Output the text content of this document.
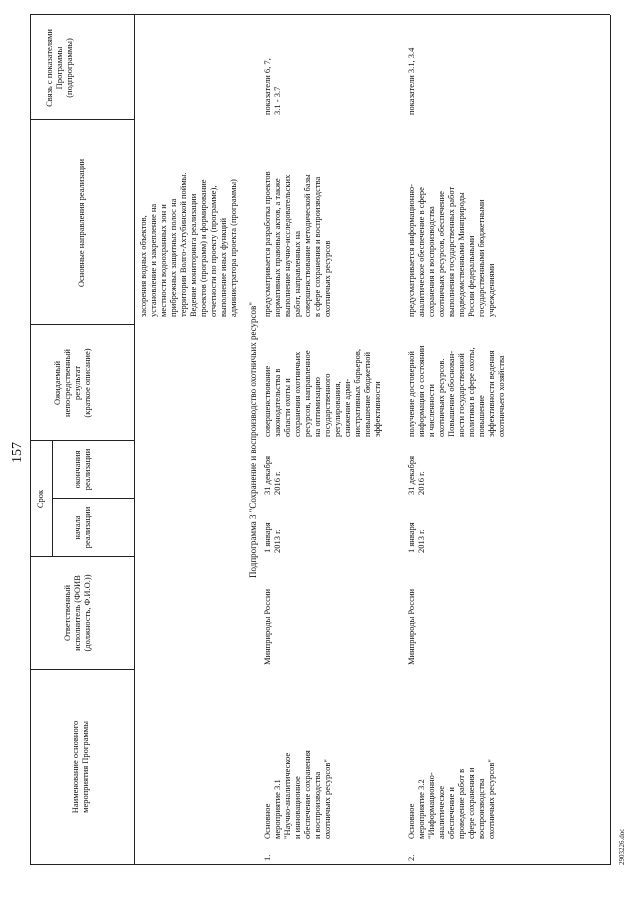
157
Наименование основного
мероприятия Программы
Ответственный
исполнитель (ФОИВ
(должность, Ф.И.О.))
Срок
начала
реализации
окончания
реализации
Ожидаемый
непосредственный
результат
(краткое описание)
Основные направления реализации
Связь с показателями
Программы
(подпрограммы)
засорения водных объектов,
установление и закрепление на
местности водоохранных зон и
прибрежных защитных полос на
территории Волго-Ахтубинской поймы.
Ведение мониторинга реализации
проектов (программ) и формирование
отчетности по проекту (программе),
выполнение иных функций
администратора проекта (программы)
Подпрограмма 3 "Сохранение и воспроизводство охотничьих ресурсов"
1.
Основное
мероприятие 3.1
"Научно-аналитическое
и инновационное
обеспечение сохранения
и воспроизводства
охотничьих ресурсов"
Минприроды России
1 января
2013 г.
31 декабря
2016 г.
совершенствование
законодательства в
области охоты и
сохранения охотничьих
ресурсов, направленное
на оптимизацию
государственного
регулирования,
снижение адми-
нистративных барьеров,
повышение бюджетной
эффективности
предусматривается разработка проектов
нормативных правовых актов, а также
выполнение научно-исследовательских
работ, направленных на
совершенствование методической базы
в сфере сохранения и воспроизводства
охотничьих ресурсов
показатели 6, 7,
3.1 - 3.7
2.
Основное
мероприятие 3.2
"Информационно-
аналитическое
обеспечение и
проведение работ в
сфере сохранения и
воспроизводства
охотничьих ресурсов"
Минприроды России
1 января
2013 г.
31 декабря
2016 г.
получение достоверной
информации о состоянии
и численности
охотничьих ресурсов.
Повышение обоснован-
ности государственной
политики в сфере охоты,
повышение
эффективности ведения
охотничьего хозяйства
предусматривается информационно-
аналитическое обеспечение в сфере
сохранения и воспроизводства
охотничьих ресурсов, обеспечение
выполнения государственных работ
подведомственными Минприроды
России федеральными
государственными бюджетными
учреждениями
показатели 3.1, 3.4
2903226.doc
